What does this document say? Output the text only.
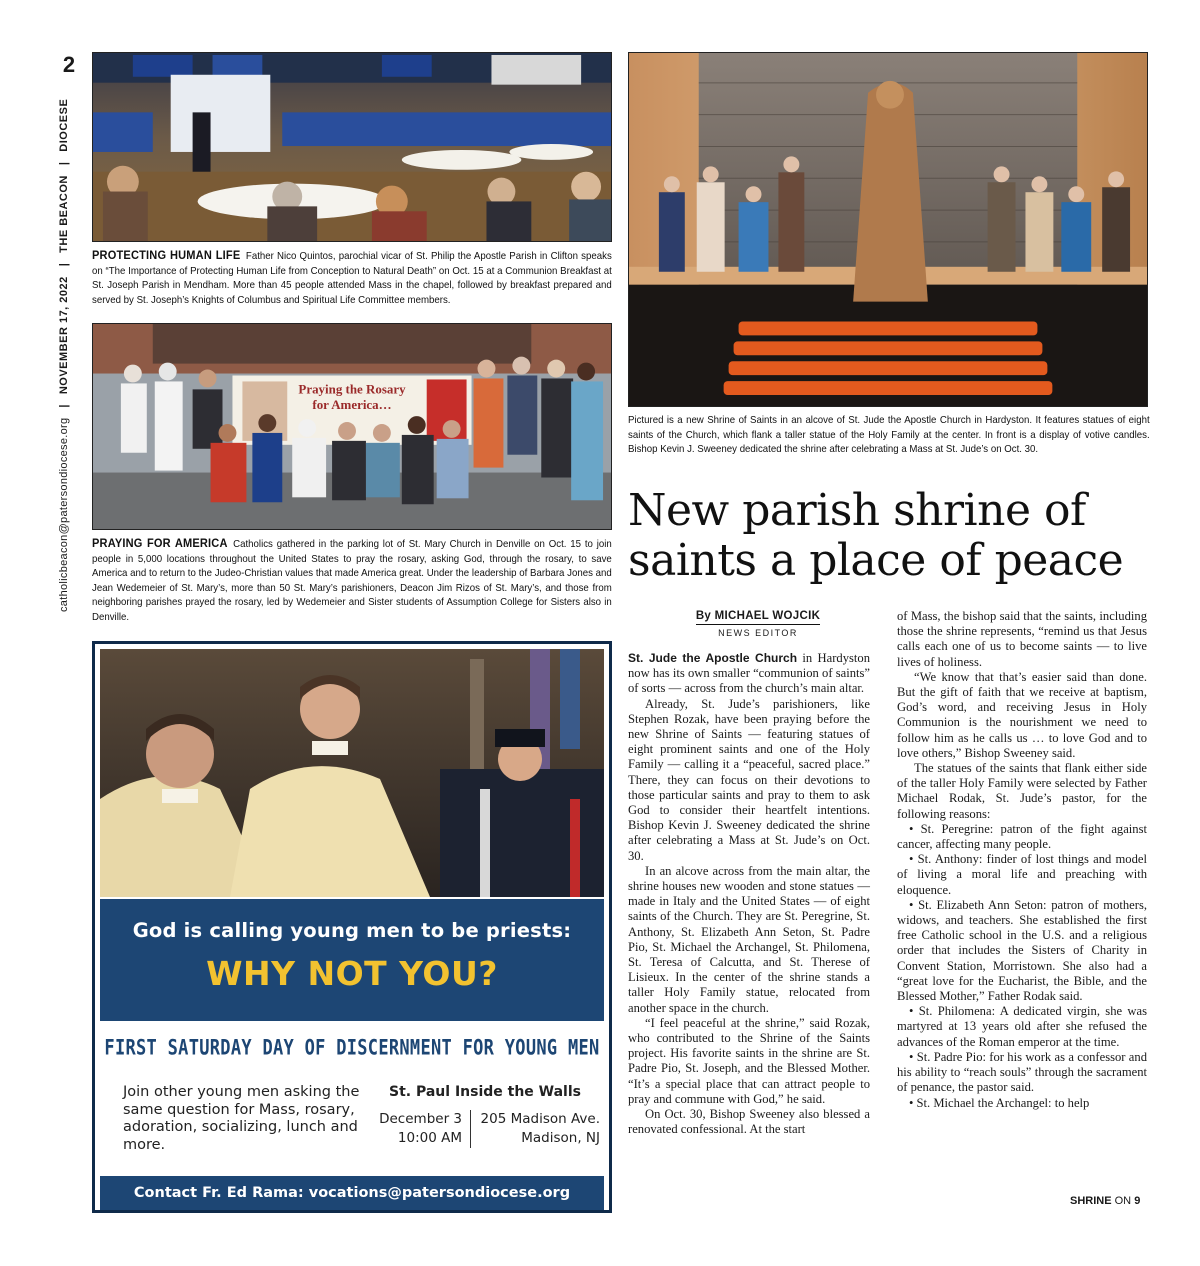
2
catholicbeacon@patersondiocese.org|NOVEMBER 17, 2022|THE BEACON|DIOCESE
PROTECTING HUMAN LIFE Father Nico Quintos, parochial vicar of St. Philip the Apostle Parish in Clifton speaks on “The Importance of Protecting Human Life from Conception to Natural Death” on Oct. 15 at a Communion Breakfast at St. Joseph Parish in Mendham. More than 45 people attended Mass in the chapel, followed by breakfast prepared and served by St. Joseph’s Knights of Columbus and Spiritual Life Committee members.
Praying the Rosary
for America…
PRAYING FOR AMERICA Catholics gathered in the parking lot of St. Mary Church in Denville on Oct. 15 to join people in 5,000 locations throughout the United States to pray the rosary, asking God, through the rosary, to save America and to return to the Judeo-Christian values that made America great. Under the leadership of Barbara Jones and Jean Wedemeier of St. Mary’s, more than 50 St. Mary’s parishioners, Deacon Jim Rizos of St. Mary’s, and those from neighboring parishes prayed the rosary, led by Wedemeier and Sister students of Assumption College for Sisters also in Denville.
Pictured is a new Shrine of Saints in an alcove of St. Jude the Apostle Church in Hardyston. It features statues of eight saints of the Church, which flank a taller statue of the Holy Family at the center. In front is a display of votive candles. Bishop Kevin J. Sweeney dedicated the shrine after celebrating a Mass at St. Jude’s on Oct. 30.
New parish shrine of saints a place of peace
By MICHAEL WOJCIK
NEWS EDITOR

St. Jude the Apostle Church in Hardyston now has its own smaller “communion of saints” of sorts — across from the church’s main altar.

Already, St. Jude’s parishioners, like Stephen Rozak, have been praying before the new Shrine of Saints — featuring statues of eight prominent saints and one of the Holy Family — calling it a “peaceful, sacred place.” There, they can focus on their devotions to those particular saints and pray to them to ask God to consider their heartfelt intentions. Bishop Kevin J. Sweeney dedicated the shrine after celebrating a Mass at St. Jude’s on Oct. 30.

In an alcove across from the main altar, the shrine houses new wooden and stone statues — made in Italy and the United States — of eight saints of the Church. They are St. Peregrine, St. Anthony, St. Elizabeth Ann Seton, St. Padre Pio, St. Michael the Archangel, St. Philomena, St. Teresa of Calcutta, and St. Therese of Lisieux. In the center of the shrine stands a taller Holy Family statue, relocated from another space in the church.

“I feel peaceful at the shrine,” said Rozak, who contributed to the Shrine of the Saints project. His favorite saints in the shrine are St. Padre Pio, St. Joseph, and the Blessed Mother. “It’s a special place that can attract people to pray and commune with God,” he said.

On Oct. 30, Bishop Sweeney also blessed a renovated confessional. At the start

of Mass, the bishop said that the saints, including those the shrine represents, “remind us that Jesus calls each one of us to become saints — to live lives of holiness.

“We know that that’s easier said than done. But the gift of faith that we receive at baptism, God’s word, and receiving Jesus in Holy Communion is the nourishment we need to follow him as he calls us … to love God and to love others,” Bishop Sweeney said.

The statues of the saints that flank either side of the taller Holy Family were selected by Father Michael Rodak, St. Jude’s pastor, for the following reasons:

• St. Peregrine: patron of the fight against cancer, affecting many people.

• St. Anthony: finder of lost things and model of living a moral life and preaching with eloquence.

• St. Elizabeth Ann Seton: patron of mothers, widows, and teachers. She established the first free Catholic school in the U.S. and a religious order that includes the Sisters of Charity in Convent Station, Morristown. She also had a “great love for the Eucharist, the Bible, and the Blessed Mother,” Father Rodak said.

• St. Philomena: A dedicated virgin, she was martyred at 13 years old after she refused the advances of the Roman emperor at the time.

• St. Padre Pio: for his work as a confessor and his ability to “reach souls” through the sacrament of penance, the pastor said.

• St. Michael the Archangel: to help

SHRINE ON 9
God is calling young men to be priests:
WHY NOT YOU?
FIRST SATURDAY DAY OF DISCERNMENT FOR YOUNG MEN
Join other young men asking the same question for Mass, rosary, adoration, socializing, lunch and more.
St. Paul Inside the Walls
December 3
10:00 AM
205 Madison Ave.
Madison, NJ
Contact Fr. Ed Rama: vocations@patersondiocese.org
